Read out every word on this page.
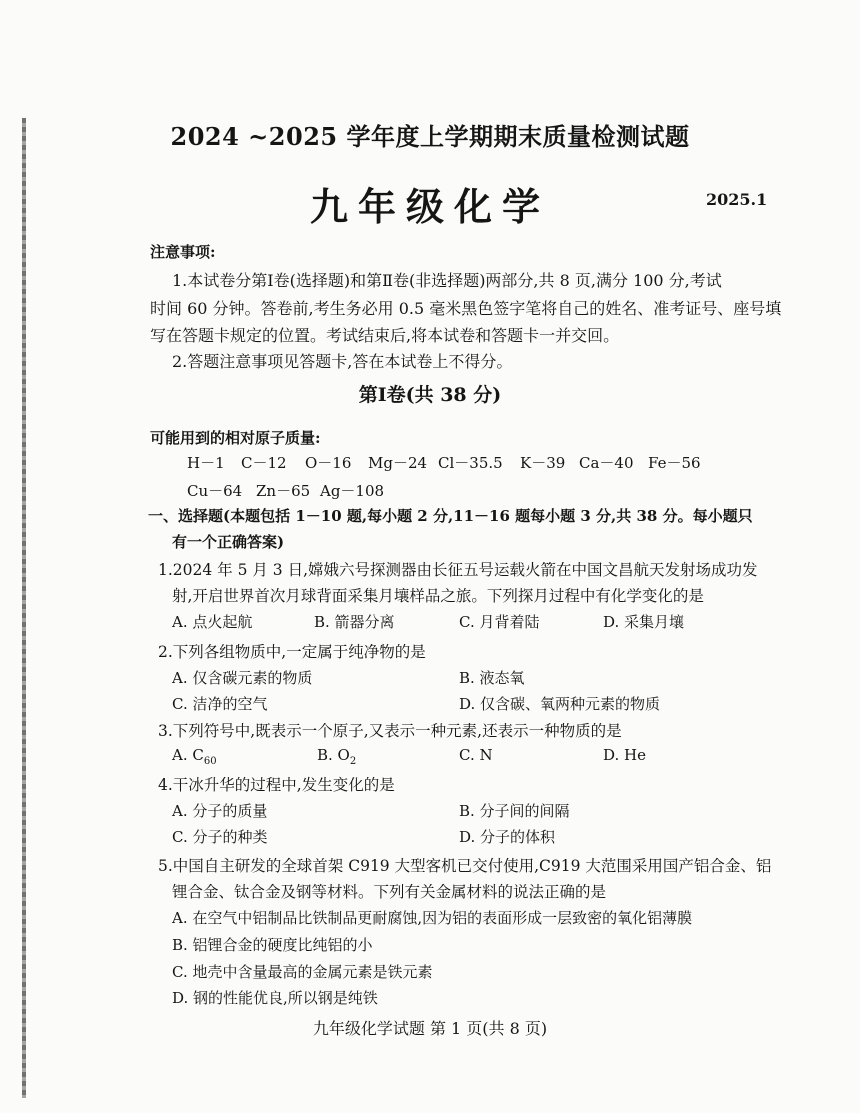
2024 ~2025 学年度上学期期末质量检测试题
九年级化学	2025.1
注意事项:
1.本试卷分第Ⅰ卷(选择题)和第Ⅱ卷(非选择题)两部分,共 8 页,满分 100 分,考试
时间 60 分钟。答卷前,考生务必用 0.5 毫米黑色签字笔将自己的姓名、准考证号、座号填
写在答题卡规定的位置。考试结束后,将本试卷和答题卡一并交回。
2.答题注意事项见答题卡,答在本试卷上不得分。
第Ⅰ卷(共 38 分)
可能用到的相对原子质量:
H－1 C－12 O－16 Mg－24 Cl－35.5 K－39 Ca－40 Fe－56
Cu－64 Zn－65 Ag－108
一、选择题(本题包括 1－10 题,每小题 2 分,11－16 题每小题 3 分,共 38 分。每小题只
有一个正确答案)
1.2024 年 5 月 3 日,嫦娥六号探测器由长征五号运载火箭在中国文昌航天发射场成功发
射,开启世界首次月球背面采集月壤样品之旅。下列探月过程中有化学变化的是
A. 点火起航	B. 箭器分离	C. 月背着陆	D. 采集月壤
2.下列各组物质中,一定属于纯净物的是
A. 仅含碳元素的物质	B. 液态氧
C. 洁净的空气	D. 仅含碳、氧两种元素的物质
3.下列符号中,既表示一个原子,又表示一种元素,还表示一种物质的是
A. $C_{60}$	B. $O_2$	C. N	D. He
4.干冰升华的过程中,发生变化的是
A. 分子的质量	B. 分子间的间隔
C. 分子的种类	D. 分子的体积
5.中国自主研发的全球首架 C919 大型客机已交付使用,C919 大范围采用国产铝合金、铝
锂合金、钛合金及钢等材料。下列有关金属材料的说法正确的是
A. 在空气中铝制品比铁制品更耐腐蚀,因为铝的表面形成一层致密的氧化铝薄膜
B. 铝锂合金的硬度比纯铝的小
C. 地壳中含量最高的金属元素是铁元素
D. 钢的性能优良,所以钢是纯铁
九年级化学试题 第 1 页(共 8 页)
